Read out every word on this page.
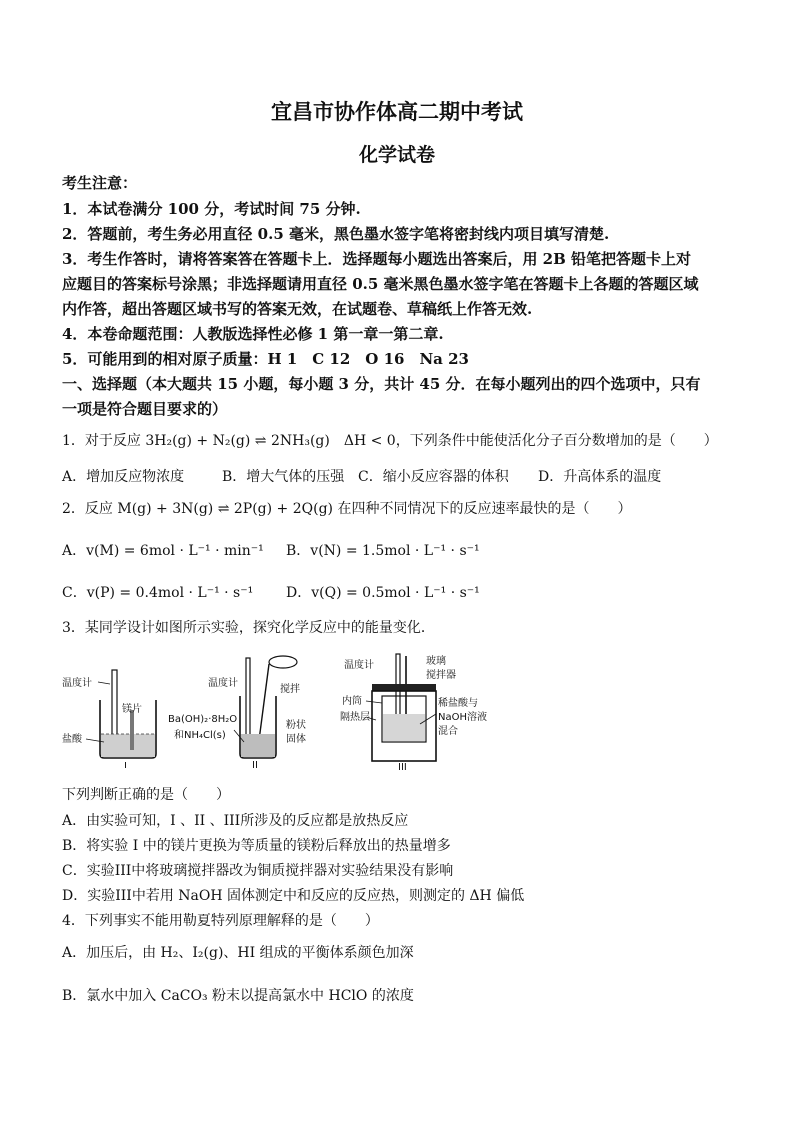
宜昌市协作体高二期中考试
化学试卷
考生注意：
1．本试卷满分 100 分，考试时间 75 分钟.
2．答题前，考生务必用直径 0.5 毫米，黑色墨水签字笔将密封线内项目填写清楚.
3．考生作答时，请将答案答在答题卡上．选择题每小题选出答案后，用 2B 铅笔把答题卡上对
应题目的答案标号涂黑；非选择题请用直径 0.5 毫米黑色墨水签字笔在答题卡上各题的答题区域
内作答，超出答题区域书写的答案无效，在试题卷、草稿纸上作答无效.
4．本卷命题范围：人教版选择性必修 1 第一章一第二章.
5．可能用到的相对原子质量：H 1　C 12　O 16　Na 23
一、选择题（本大题共 15 小题，每小题 3 分，共计 45 分．在每小题列出的四个选项中，只有
一项是符合题目要求的）
1．对于反应 3H₂(g) + N₂(g) ⇌ 2NH₃(g)　ΔH < 0，下列条件中能使活化分子百分数增加的是（　　）
A．增加反应物浓度	B．增大气体的压强 C．缩小反应容器的体积 D．升高体系的温度
2．反应 M(g) + 3N(g) ⇌ 2P(g) + 2Q(g) 在四种不同情况下的反应速率最快的是（　　）
A．v(M) = 6mol · L⁻¹ · min⁻¹ B．v(N) = 1.5mol · L⁻¹ · s⁻¹
C．v(P) = 0.4mol · L⁻¹ · s⁻¹ D．v(Q) = 0.5mol · L⁻¹ · s⁻¹
3．某同学设计如图所示实验，探究化学反应中的能量变化．
温度计
镁片
盐酸
I
温度计
搅拌
Ba(OH)₂·8H₂O
和NH₄Cl(s)
粉状
固体
II
温度计	玻璃
搅拌器
内筒
隔热层
稀盐酸与
NaOH溶液
混合
III
下列判断正确的是（　　）
A．由实验可知，I 、II 、III所涉及的反应都是放热反应
B．将实验 I 中的镁片更换为等质量的镁粉后释放出的热量增多
C．实验III中将玻璃搅拌器改为铜质搅拌器对实验结果没有影响
D．实验III中若用 NaOH 固体测定中和反应的反应热，则测定的 ΔH 偏低
4．下列事实不能用勒夏特列原理解释的是（　　）
A．加压后，由 H₂、I₂(g)、HI 组成的平衡体系颜色加深
B．氯水中加入 CaCO₃ 粉末以提高氯水中 HClO 的浓度
